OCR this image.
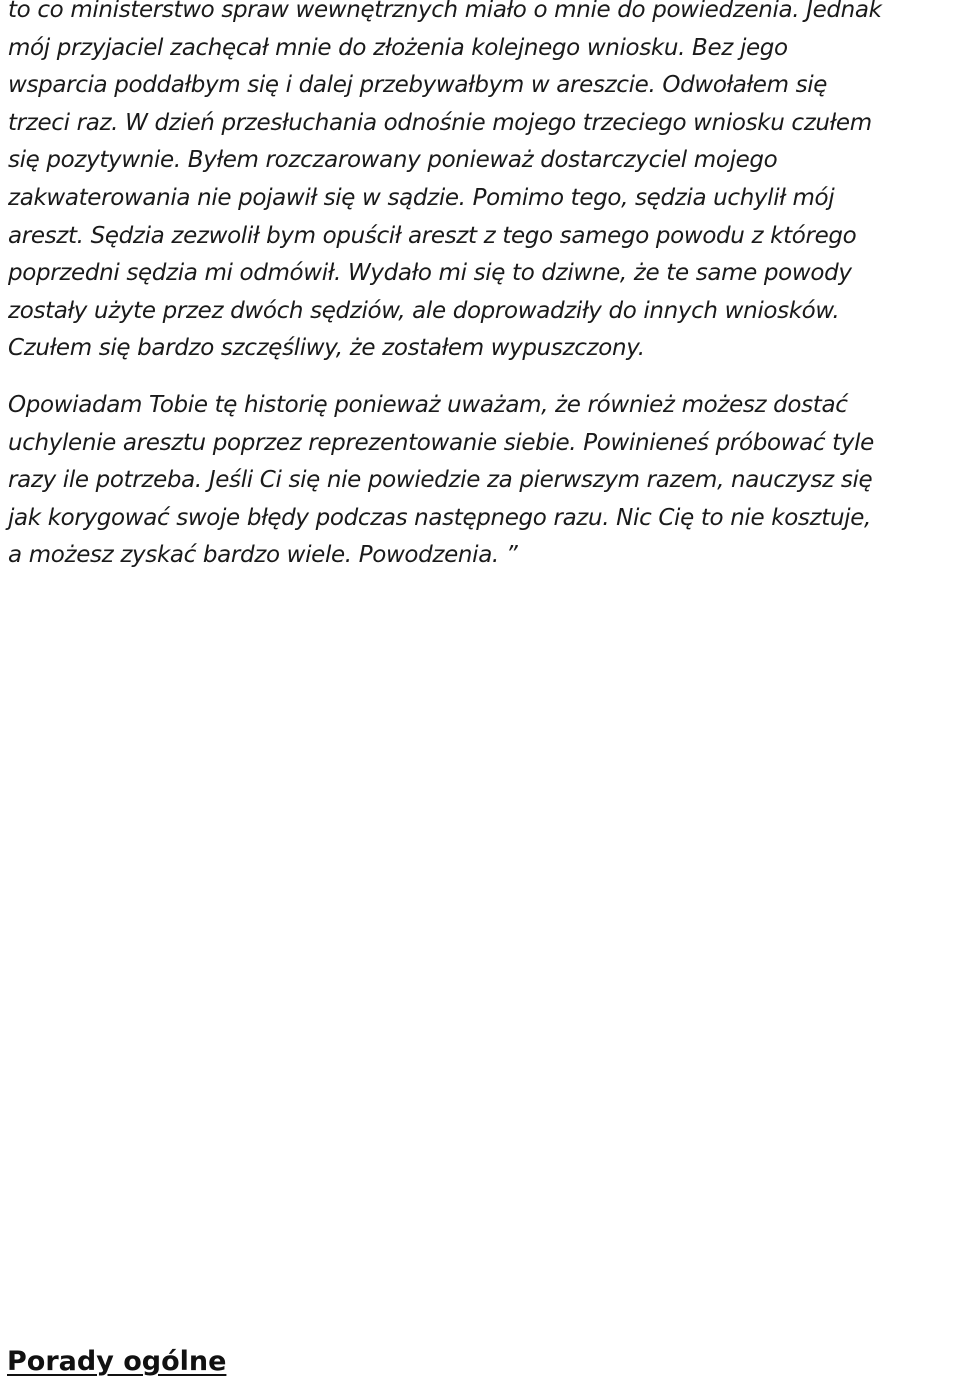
to co ministerstwo spraw wewnętrznych miało o mnie do powiedzenia. Jednak
mój przyjaciel zachęcał mnie do złożenia kolejnego wniosku. Bez jego
wsparcia poddałbym się i dalej przebywałbym w areszcie. Odwołałem się
trzeci raz. W dzień przesłuchania odnośnie mojego trzeciego wniosku czułem
się pozytywnie. Byłem rozczarowany ponieważ dostarczyciel mojego
zakwaterowania nie pojawił się w sądzie. Pomimo tego, sędzia uchylił mój
areszt. Sędzia zezwolił bym opuścił areszt z tego samego powodu z którego
poprzedni sędzia mi odmówił. Wydało mi się to dziwne, że te same powody
zostały użyte przez dwóch sędziów, ale doprowadziły do innych wniosków.
Czułem się bardzo szczęśliwy, że zostałem wypuszczony.
Opowiadam Tobie tę historię ponieważ uważam, że również możesz dostać
uchylenie aresztu poprzez reprezentowanie siebie. Powinieneś próbować tyle
razy ile potrzeba. Jeśli Ci się nie powiedzie za pierwszym razem, nauczysz się
jak korygować swoje błędy podczas następnego razu. Nic Cię to nie kosztuje,
a możesz zyskać bardzo wiele. Powodzenia. ”
Porady ogólne
